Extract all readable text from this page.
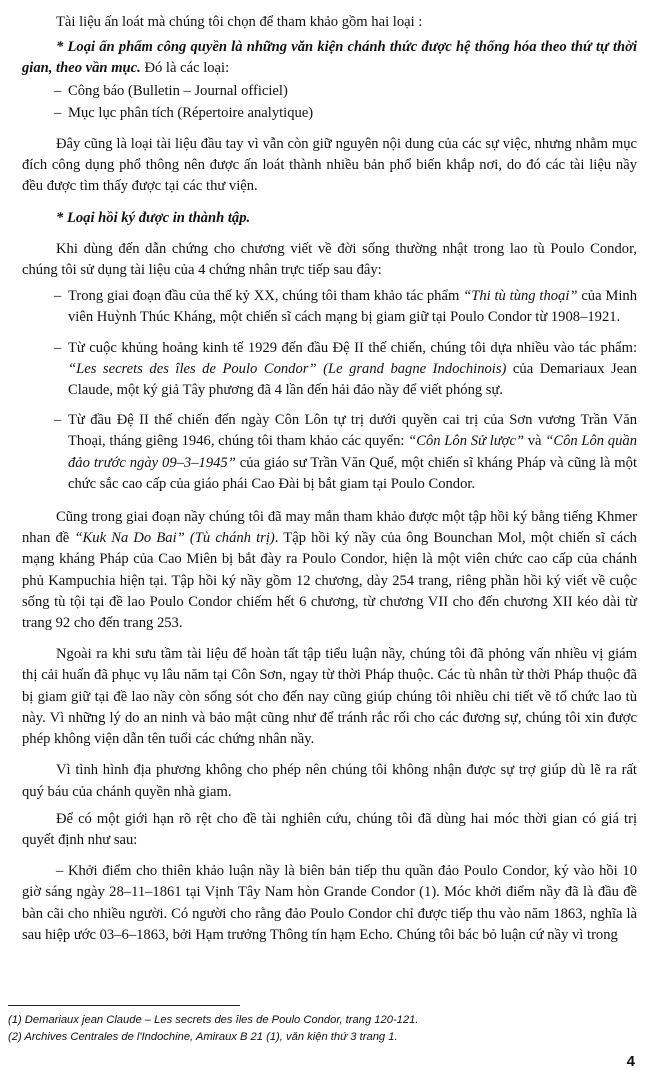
Tài liệu ấn loát mà chúng tôi chọn để tham khảo gồm hai loại :

* Loại ấn phẩm công quyền là những văn kiện chánh thức được hệ thống hóa theo thứ tự thời gian, theo vần mục. Đó là các loại:

– Công báo (Bulletin – Journal officiel)
– Mục lục phân tích (Répertoire analytique)

Đây cũng là loại tài liệu đầu tay vì vẫn còn giữ nguyên nội dung của các sự việc, nhưng nhằm mục đích công dụng phổ thông nên được ấn loát thành nhiều bản phổ biến khắp nơi, do đó các tài liệu nầy đều được tìm thấy được tại các thư viện.

* Loại hồi ký được in thành tập.

Khi dùng đến dẫn chứng cho chương viết về đời sống thường nhật trong lao tù Poulo Condor, chúng tôi sử dụng tài liệu của 4 chứng nhân trực tiếp sau đây:

– Trong giai đoạn đầu của thế kỷ XX, chúng tôi tham khảo tác phẩm “Thi tù tùng thoại” của Minh viên Huỳnh Thúc Kháng, một chiến sĩ cách mạng bị giam giữ tại Poulo Condor từ 1908–1921.
– Từ cuộc khủng hoảng kinh tế 1929 đến đầu Đệ II thế chiến, chúng tôi dựa nhiều vào tác phẩm: “Les secrets des îles de Poulo Condor” (Le grand bagne Indochinois) của Demariaux Jean Claude, một ký giả Tây phương đã 4 lần đến hải đảo nầy để viết phóng sự.
– Từ đầu Đệ II thế chiến đến ngày Côn Lôn tự trị dưới quyền cai trị của Sơn vương Trần Văn Thoại, tháng giêng 1946, chúng tôi tham khảo các quyển: “Côn Lôn Sử lược” và “Côn Lôn quần đảo trước ngày 09–3–1945” của giáo sư Trần Văn Quế, một chiến sĩ kháng Pháp và cũng là một chức sắc cao cấp của giáo phái Cao Đài bị bắt giam tại Poulo Condor.

Cũng trong giai đoạn nầy chúng tôi đã may mắn tham khảo được một tập hồi ký bằng tiếng Khmer nhan đề “Kuk Na Do Bai” (Tù chánh trị). Tập hồi ký nầy của ông Bounchan Mol, một chiến sĩ cách mạng kháng Pháp của Cao Miên bị bắt đày ra Poulo Condor, hiện là một viên chức cao cấp của chánh phủ Kampuchia hiện tại. Tập hồi ký nầy gồm 12 chương, dày 254 trang, riêng phần hồi ký viết về cuộc sống tù tội tại đề lao Poulo Condor chiếm hết 6 chương, từ chương VII cho đến chương XII kéo dài từ trang 92 cho đến trang 253.

Ngoài ra khi sưu tầm tài liệu để hoàn tất tập tiểu luận nầy, chúng tôi đã phỏng vấn nhiều vị giám thị cải huấn đã phục vụ lâu năm tại Côn Sơn, ngay từ thời Pháp thuộc. Các tù nhân từ thời Pháp thuộc đã bị giam giữ tại đề lao nầy còn sống sót cho đến nay cũng giúp chúng tôi nhiều chi tiết về tổ chức lao tù này. Vì những lý do an ninh và bảo mật cũng như để tránh rắc rối cho các đương sự, chúng tôi xin được phép không viện dẫn tên tuổi các chứng nhân nầy.

Vì tình hình địa phương không cho phép nên chúng tôi không nhận được sự trợ giúp dù lẽ ra rất quý báu của chánh quyền nhà giam.

Để có một giới hạn rõ rệt cho đề tài nghiên cứu, chúng tôi đã dùng hai móc thời gian có giá trị quyết định như sau:

– Khởi điểm cho thiên khảo luận nầy là biên bản tiếp thu quần đảo Poulo Condor, ký vào hồi 10 giờ sáng ngày 28–11–1861 tại Vịnh Tây Nam hòn Grande Condor (1). Móc khởi điểm nầy đã là đầu đề bàn cãi cho nhiều người. Có người cho rằng đảo Poulo Condor chỉ được tiếp thu vào năm 1863, nghĩa là sau hiệp ước 03–6–1863, bởi Hạm trưởng Thông tín hạm Echo. Chúng tôi bác bỏ luận cứ nầy vì trong

(1) Demariaux jean Claude – Les secrets des îles de Poulo Condor, trang 120-121.
(2) Archives Centrales de l'Indochine, Amiraux B 21 (1), văn kiện thứ 3 trang 1.
4
